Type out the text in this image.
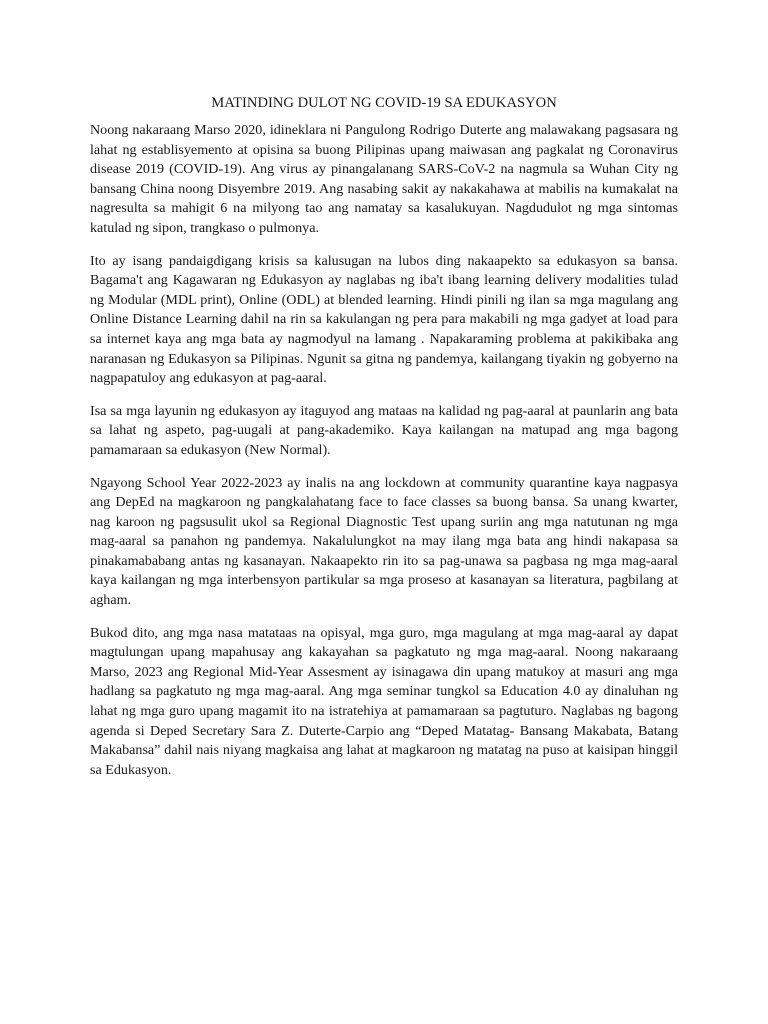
MATINDING DULOT NG COVID-19 SA EDUKASYON

Noong nakaraang Marso 2020, idineklara ni Pangulong Rodrigo Duterte ang malawakang pagsasara ng lahat ng establisyemento at opisina sa buong Pilipinas upang maiwasan ang pagkalat ng Coronavirus disease 2019 (COVID-19). Ang virus ay pinangalanang SARS-CoV-2 na nagmula sa Wuhan City ng bansang China noong Disyembre 2019. Ang nasabing sakit ay nakakahawa at mabilis na kumakalat na nagresulta sa mahigit 6 na milyong tao ang namatay sa kasalukuyan. Nagdudulot ng mga sintomas katulad ng sipon, trangkaso o pulmonya.

Ito ay isang pandaigdigang krisis sa kalusugan na lubos ding nakaapekto sa edukasyon sa bansa. Bagama't ang Kagawaran ng Edukasyon ay naglabas ng iba't ibang learning delivery modalities tulad ng Modular (MDL print), Online (ODL) at blended learning. Hindi pinili ng ilan sa mga magulang ang Online Distance Learning dahil na rin sa kakulangan ng pera para makabili ng mga gadyet at load para sa internet kaya ang mga bata ay nagmodyul na lamang . Napakaraming problema at pakikibaka ang naranasan ng Edukasyon sa Pilipinas. Ngunit sa gitna ng pandemya, kailangang tiyakin ng gobyerno na nagpapatuloy ang edukasyon at pag-aaral.

Isa sa mga layunin ng edukasyon ay itaguyod ang mataas na kalidad ng pag-aaral at paunlarin ang bata sa lahat ng aspeto, pag-uugali at pang-akademiko. Kaya kailangan na matupad ang mga bagong pamamaraan sa edukasyon (New Normal).

Ngayong School Year 2022-2023 ay inalis na ang lockdown at community quarantine kaya nagpasya ang DepEd na magkaroon ng pangkalahatang face to face classes sa buong bansa. Sa unang kwarter, nag karoon ng pagsusulit ukol sa Regional Diagnostic Test upang suriin ang mga natutunan ng mga mag-aaral sa panahon ng pandemya. Nakalulungkot na may ilang mga bata ang hindi nakapasa sa pinakamababang antas ng kasanayan. Nakaapekto rin ito sa pag-unawa sa pagbasa ng mga mag-aaral kaya kailangan ng mga interbensyon partikular sa mga proseso at kasanayan sa literatura, pagbilang at agham.

Bukod dito, ang mga nasa matataas na opisyal, mga guro, mga magulang at mga mag-aaral ay dapat magtulungan upang mapahusay ang kakayahan sa pagkatuto ng mga mag-aaral. Noong nakaraang Marso, 2023 ang Regional Mid-Year Assesment ay isinagawa din upang matukoy at masuri ang mga hadlang sa pagkatuto ng mga mag-aaral. Ang mga seminar tungkol sa Education 4.0 ay dinaluhan ng lahat ng mga guro upang magamit ito na istratehiya at pamamaraan sa pagtuturo. Naglabas ng bagong agenda si Deped Secretary Sara Z. Duterte-Carpio ang “Deped Matatag- Bansang Makabata, Batang Makabansa” dahil nais niyang magkaisa ang lahat at magkaroon ng matatag na puso at kaisipan hinggil sa Edukasyon.
